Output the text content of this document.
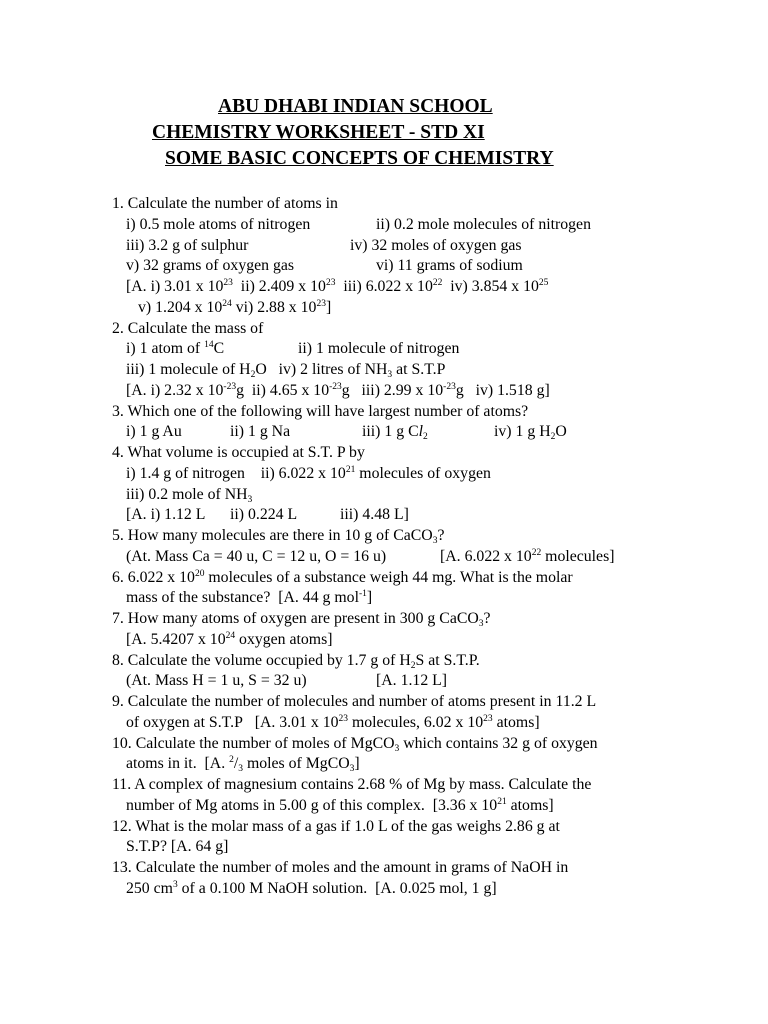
ABU DHABI INDIAN SCHOOL
CHEMISTRY WORKSHEET - STD XI
SOME BASIC CONCEPTS OF CHEMISTRY
1. Calculate the number of atoms in
i) 0.5 mole atoms of nitrogen	ii) 0.2 mole molecules of nitrogen
iii) 3.2 g of sulphur	iv) 32 moles of oxygen gas
v) 32 grams of oxygen gas	vi) 11 grams of sodium
[A. i) 3.01 x $10^{23}$  ii) 2.409 x $10^{23}$  iii) 6.022 x $10^{22}$  iv) 3.854 x $10^{25}$
v) 1.204 x $10^{24}$ vi) 2.88 x $10^{23}$]
2. Calculate the mass of
i) 1 atom of $^{14}$C	ii) 1 molecule of nitrogen
iii) 1 molecule of $H_2O$   iv) 2 litres of $NH_3$ at S.T.P
[A. i) 2.32 x $10^{-23}g$  ii) 4.65 x $10^{-23}g$   iii) 2.99 x $10^{-23}g$   iv) 1.518 g]
3. Which one of the following will have largest number of atoms?
i) 1 g Au	ii) 1 g Na	iii) 1 g $Cl_2$	iv) 1 g $H_2O$
4. What volume is occupied at S.T. P by
i) 1.4 g of nitrogen    ii) 6.022 x $10^{21}$ molecules of oxygen
iii) 0.2 mole of $NH_3$
[A. i) 1.12 L ii) 0.224 L	iii) 4.48 L]
5. How many molecules are there in 10 g of CaCO$_3$?
(At. Mass Ca = 40 u, C = 12 u, O = 16 u)	[A. 6.022 x $10^{22}$ molecules]
6. 6.022 x $10^{20}$ molecules of a substance weigh 44 mg. What is the molar
mass of the substance?  [A. 44 g mol$^{-1}$]
7. How many atoms of oxygen are present in 300 g CaCO$_3$?
[A. 5.4207 x $10^{24}$ oxygen atoms]
8. Calculate the volume occupied by 1.7 g of $H_2S$ at S.T.P.
(At. Mass H = 1 u, S = 32 u)	[A. 1.12 L]
9. Calculate the number of molecules and number of atoms present in 11.2 L
of oxygen at S.T.P   [A. 3.01 x $10^{23}$ molecules, 6.02 x $10^{23}$ atoms]
10. Calculate the number of moles of MgCO$_3$ which contains 32 g of oxygen
atoms in it.  [A. $^2/_3$ moles of MgCO$_3$]
11. A complex of magnesium contains 2.68 % of Mg by mass. Calculate the
number of Mg atoms in 5.00 g of this complex.  [3.36 x $10^{21}$ atoms]
12. What is the molar mass of a gas if 1.0 L of the gas weighs 2.86 g at
S.T.P? [A. 64 g]
13. Calculate the number of moles and the amount in grams of NaOH in
250 $cm^3$ of a 0.100 M NaOH solution.  [A. 0.025 mol, 1 g]
